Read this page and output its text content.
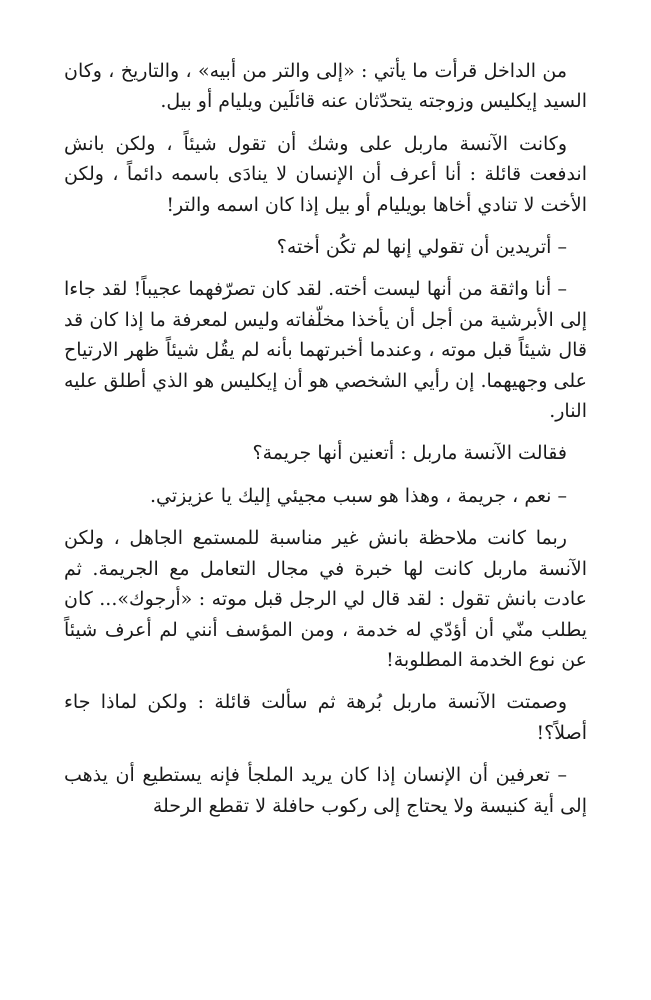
من الداخل قرأت ما يأتي : «إلى والتر من أبيه» ، والتاريخ ، وكان السيد إيكليس وزوجته يتحدّثان عنه قائلَين ويليام أو بيل.

وكانت الآنسة ماربل على وشك أن تقول شيئاً ، ولكن بانش اندفعت قائلة : أنا أعرف أن الإنسان لا ينادَى باسمه دائماً ، ولكن الأخت لا تنادي أخاها بويليام أو بيل إذا كان اسمه والتر!

– أتريدين أن تقولي إنها لم تكُن أخته؟

– أنا واثقة من أنها ليست أخته. لقد كان تصرّفهما عجيباً! لقد جاءا إلى الأبرشية من أجل أن يأخذا مخلّفاته وليس لمعرفة ما إذا كان قد قال شيئاً قبل موته ، وعندما أخبرتهما بأنه لم يقُل شيئاً ظهر الارتياح على وجهيهما. إن رأيي الشخصي هو أن إيكليس هو الذي أطلق عليه النار.

فقالت الآنسة ماربل : أتعنين أنها جريمة؟

– نعم ، جريمة ، وهذا هو سبب مجيئي إليك يا عزيزتي.

ربما كانت ملاحظة بانش غير مناسبة للمستمع الجاهل ، ولكن الآنسة ماربل كانت لها خبرة في مجال التعامل مع الجريمة. ثم عادت بانش تقول : لقد قال لي الرجل قبل موته : «أرجوك»... كان يطلب منّي أن أؤدّي له خدمة ، ومن المؤسف أنني لم أعرف شيئاً عن نوع الخدمة المطلوبة!

وصمتت الآنسة ماربل بُرهة ثم سألت قائلة : ولكن لماذا جاء أصلاً؟!

– تعرفين أن الإنسان إذا كان يريد الملجأ فإنه يستطيع أن يذهب إلى أية كنيسة ولا يحتاج إلى ركوب حافلة لا تقطع الرحلة
